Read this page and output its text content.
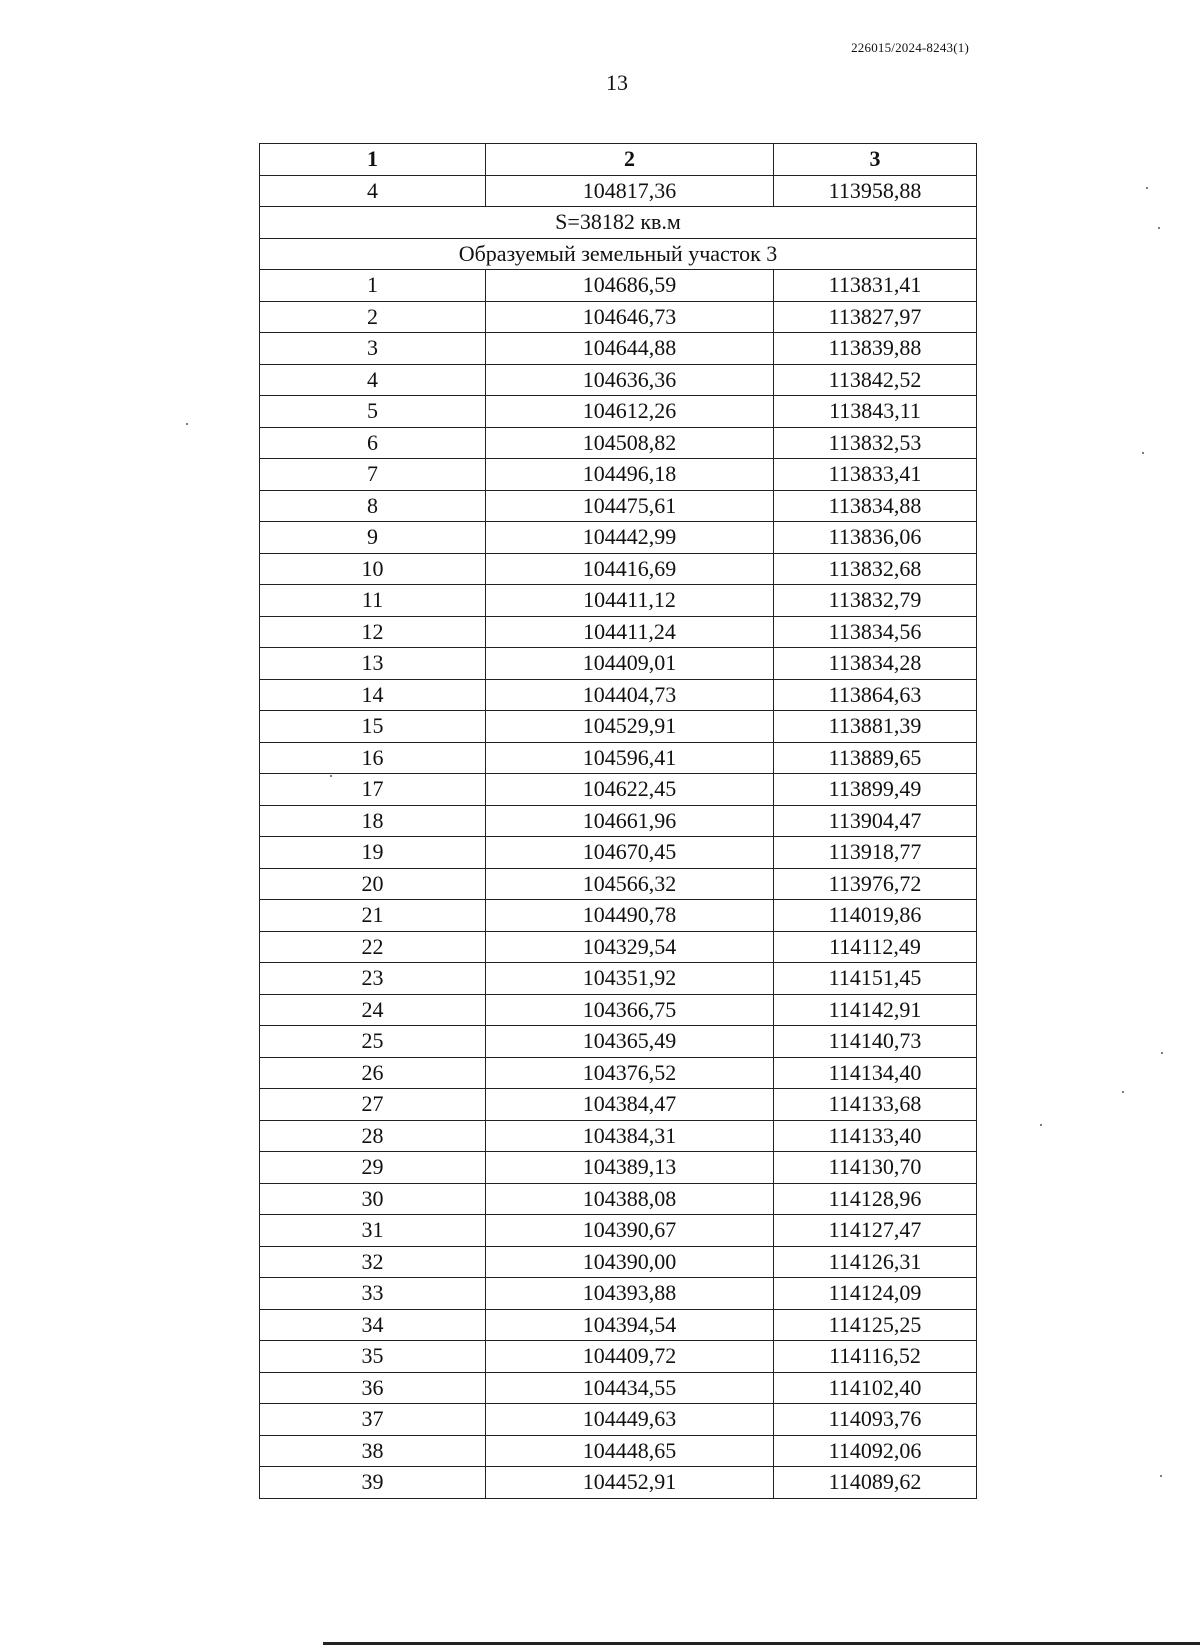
226015/2024-8243(1)
13
1	2	3
4	104817,36	113958,88
S=38182 кв.м		
Образуемый земельный участок 3		
1	104686,59	113831,41
2	104646,73	113827,97
3	104644,88	113839,88
4	104636,36	113842,52
5	104612,26	113843,11
6	104508,82	113832,53
7	104496,18	113833,41
8	104475,61	113834,88
9	104442,99	113836,06
10	104416,69	113832,68
11	104411,12	113832,79
12	104411,24	113834,56
13	104409,01	113834,28
14	104404,73	113864,63
15	104529,91	113881,39
16	104596,41	113889,65
17	104622,45	113899,49
18	104661,96	113904,47
19	104670,45	113918,77
20	104566,32	113976,72
21	104490,78	114019,86
22	104329,54	114112,49
23	104351,92	114151,45
24	104366,75	114142,91
25	104365,49	114140,73
26	104376,52	114134,40
27	104384,47	114133,68
28	104384,31	114133,40
29	104389,13	114130,70
30	104388,08	114128,96
31	104390,67	114127,47
32	104390,00	114126,31
33	104393,88	114124,09
34	104394,54	114125,25
35	104409,72	114116,52
36	104434,55	114102,40
37	104449,63	114093,76
38	104448,65	114092,06
39	104452,91	114089,62
